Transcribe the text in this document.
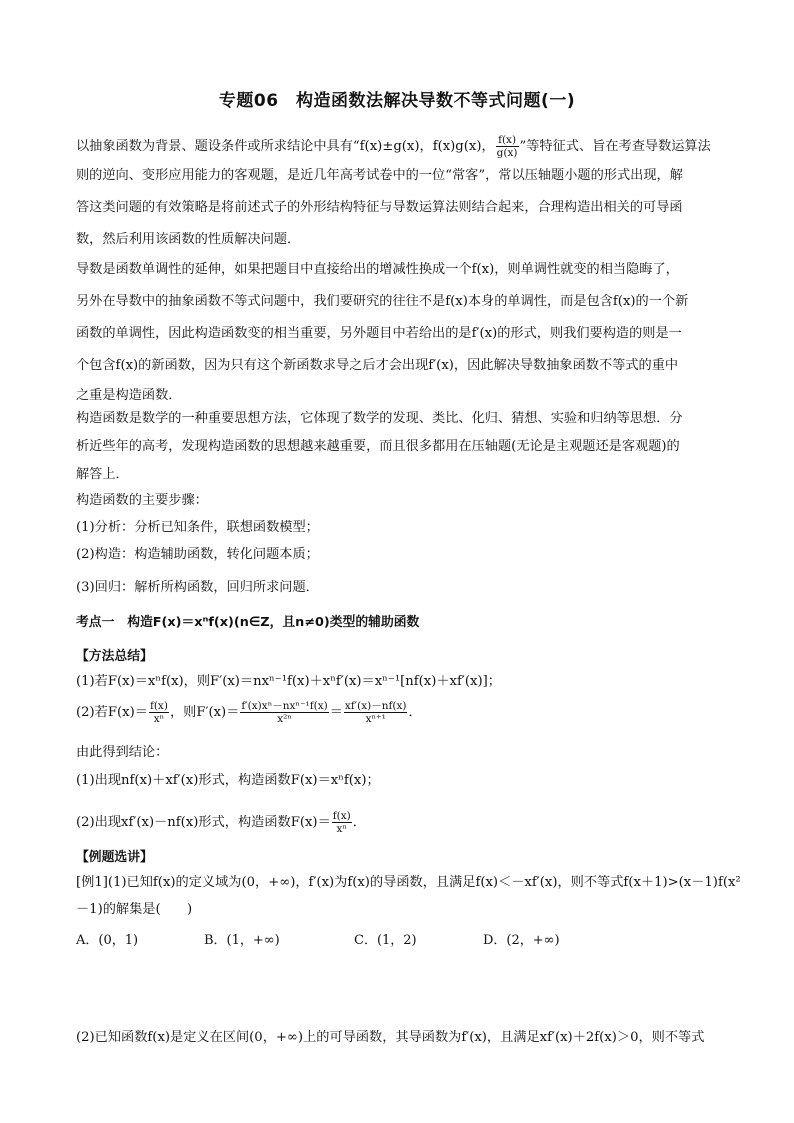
专题06　构造函数法解决导数不等式问题(一)
以抽象函数为背景、题设条件或所求结论中具有“f(x)±g(x)，f(x)g(x)， $\frac{f(x)}{g(x)}$ ”等特征式、旨在考查导数运算法
则的逆向、变形应用能力的客观题，是近几年高考试卷中的一位“常客”，常以压轴题小题的形式出现，解
答这类问题的有效策略是将前述式子的外形结构特征与导数运算法则结合起来，合理构造出相关的可导函
数，然后利用该函数的性质解决问题．
导数是函数单调性的延伸，如果把题目中直接给出的增减性换成一个f(x)，则单调性就变的相当隐晦了，
另外在导数中的抽象函数不等式问题中，我们要研究的往往不是f(x)本身的单调性，而是包含f(x)的一个新
函数的单调性，因此构造函数变的相当重要，另外题目中若给出的是f′(x)的形式，则我们要构造的则是一
个包含f(x)的新函数，因为只有这个新函数求导之后才会出现f′(x)，因此解决导数抽象函数不等式的重中
之重是构造函数．
构造函数是数学的一种重要思想方法，它体现了数学的发现、类比、化归、猜想、实验和归纳等思想．分
析近些年的高考，发现构造函数的思想越来越重要，而且很多都用在压轴题(无论是主观题还是客观题)的
解答上．
构造函数的主要步骤：
(1)分析：分析已知条件，联想函数模型；
(2)构造：构造辅助函数，转化问题本质；
(3)回归：解析所构函数，回归所求问题．
考点一　构造F(x)＝xⁿf(x)(n∈Z，且n≠0)类型的辅助函数
【方法总结】
(1)若F(x)＝xⁿf(x)，则F′(x)＝nxⁿ⁻¹f(x)＋xⁿf′(x)＝xⁿ⁻¹[nf(x)＋xf′(x)]；
(2)若$F(x)= \frac{f(x)}{\text{xⁿ}}$ ，则$F'(x)= \frac{\text{f′(x)xⁿ－nxⁿ⁻¹f(x)}}{\text{x²ⁿ}} = \frac{xf'(x)-nf(x)}{\text{xⁿ⁺¹}}$ ．
由此得到结论：
(1)出现nf(x)＋xf′(x)形式，构造函数F(x)＝xⁿf(x)；
(2)出现xf′(x)－nf(x)形式，构造函数$F(x)= \frac{f(x)}{\text{xⁿ}}$ ．
【例题选讲】
[例1](1)已知f(x)的定义域为(0，+∞)，f′(x)为f(x)的导函数，且满足f(x)＜－xf′(x)，则不等式f(x＋1)>(x－1)f(x²
－1)的解集是(　　)
A．(0，1)	B．(1，+∞)	C．(1，2)	D．(2，+∞)
(2)已知函数f(x)是定义在区间(0，+∞)上的可导函数，其导函数为f′(x)，且满足xf′(x)＋2f(x)＞0，则不等式
